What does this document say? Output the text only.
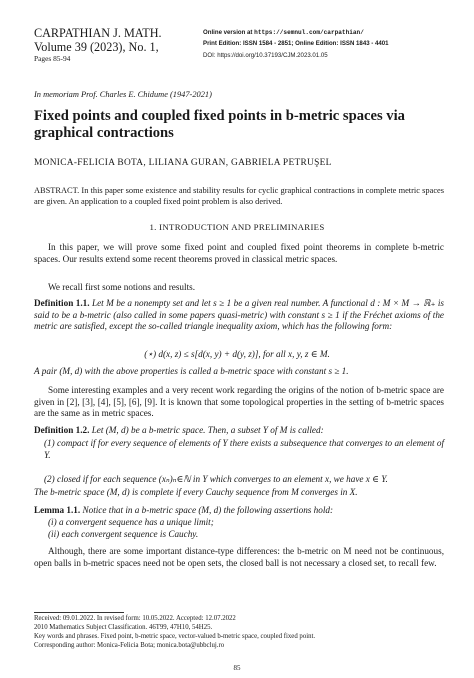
CARPATHIAN J. MATH.
Volume 39 (2023), No. 1,
Pages 85-94
Online version at https://semnul.com/carpathian/
Print Edition: ISSN 1584 - 2851; Online Edition: ISSN 1843 - 4401
DOI: https://doi.org/10.37193/CJM.2023.01.05
In memoriam Prof. Charles E. Chidume (1947-2021)
Fixed points and coupled fixed points in b-metric spaces via graphical contractions
MONICA-FELICIA BOTA, LILIANA GURAN, GABRIELA PETRUŞEL
ABSTRACT. In this paper some existence and stability results for cyclic graphical contractions in complete metric spaces are given. An application to a coupled fixed point problem is also derived.
1. INTRODUCTION AND PRELIMINARIES
In this paper, we will prove some fixed point and coupled fixed point theorems in complete b-metric spaces. Our results extend some recent theorems proved in classical metric spaces.
We recall first some notions and results.
Definition 1.1. Let M be a nonempty set and let s ≥ 1 be a given real number. A functional d : M × M → ℝ₊ is said to be a b-metric (also called in some papers quasi-metric) with constant s ≥ 1 if the Fréchet axioms of the metric are satisfied, except the so-called triangle inequality axiom, which has the following form:
(⋆) d(x, z) ≤ s[d(x, y) + d(y, z)], for all x, y, z ∈ M.
A pair (M, d) with the above properties is called a b-metric space with constant s ≥ 1.
Some interesting examples and a very recent work regarding the origins of the notion of b-metric space are given in [2], [3], [4], [5], [6], [9]. It is known that some topological properties in the setting of b-metric spaces are the same as in metric spaces.
Definition 1.2. Let (M, d) be a b-metric space. Then, a subset Y of M is called:
(1) compact if for every sequence of elements of Y there exists a subsequence that converges to an element of Y.
(2) closed if for each sequence (xₙ)ₙ∈ℕ in Y which converges to an element x, we have x ∈ Y.
The b-metric space (M, d) is complete if every Cauchy sequence from M converges in X.
Lemma 1.1. Notice that in a b-metric space (M, d) the following assertions hold:
(i) a convergent sequence has a unique limit;
(ii) each convergent sequence is Cauchy.
Although, there are some important distance-type differences: the b-metric on M need not be continuous, open balls in b-metric spaces need not be open sets, the closed ball is not necessary a closed set, to recall few.
Received: 09.01.2022. In revised form: 10.05.2022. Accepted: 12.07.2022
2010 Mathematics Subject Classification. 46T99, 47H10, 54H25.
Key words and phrases. Fixed point, b-metric space, vector-valued b-metric space, coupled fixed point.
Corresponding author: Monica-Felicia Bota; monica.bota@ubbcluj.ro
85
